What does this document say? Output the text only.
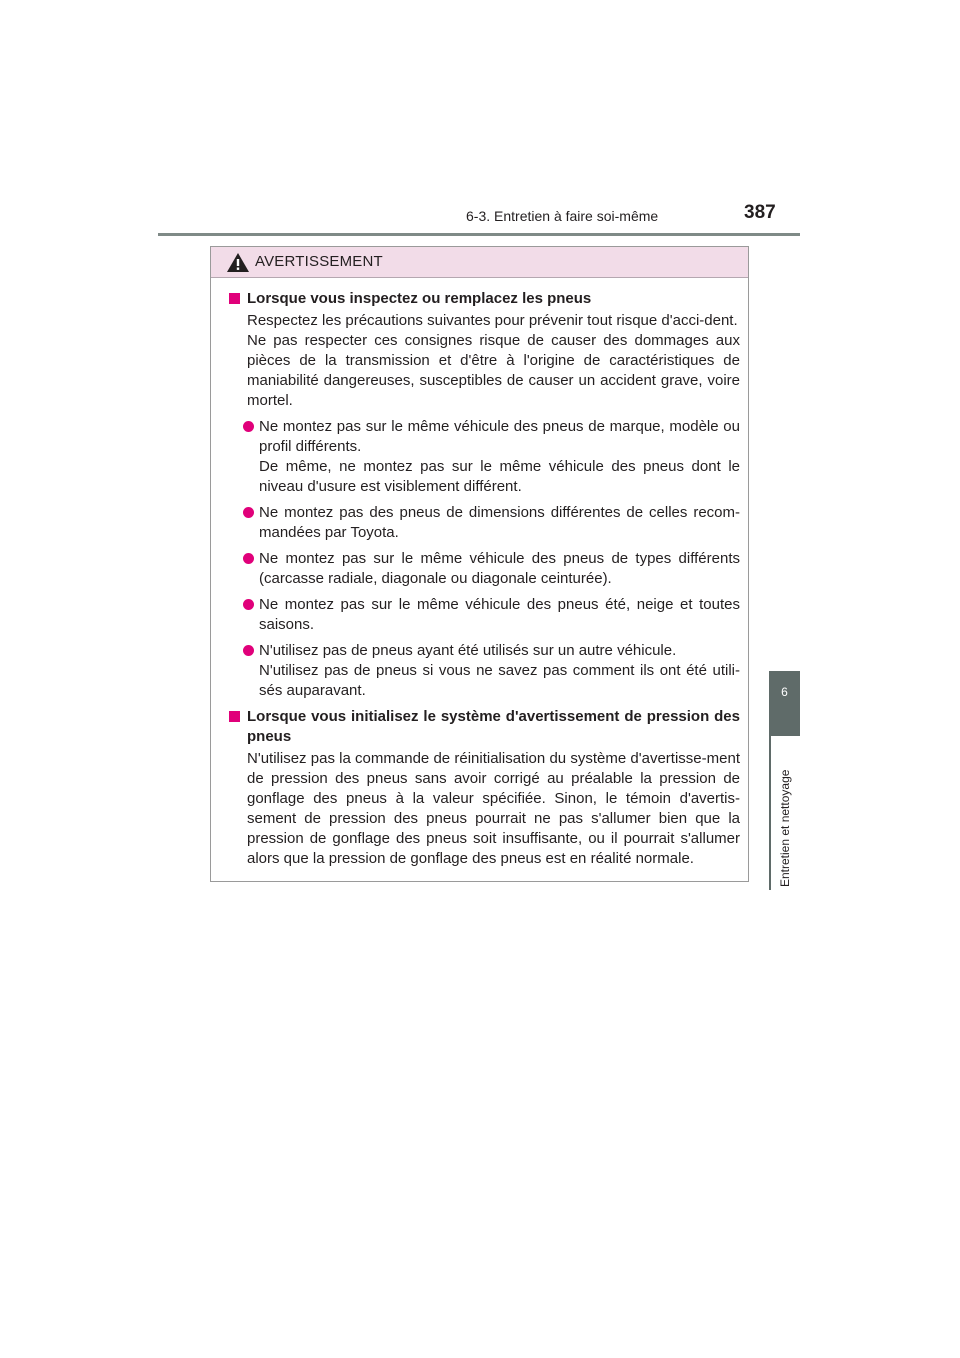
6-3. Entretien à faire soi-même	387
6
Entretien et nettoyage
AVERTISSEMENT
Lorsque vous inspectez ou remplacez les pneus

Respectez les précautions suivantes pour prévenir tout risque d'acci-dent.

Ne pas respecter ces consignes risque de causer des dommages aux pièces de la transmission et d'être à l'origine de caractéristiques de maniabilité dangereuses, susceptibles de causer un accident grave, voire mortel.

Ne montez pas sur le même véhicule des pneus de marque, modèle ou profil différents.

De même, ne montez pas sur le même véhicule des pneus dont le niveau d'usure est visiblement différent.

Ne montez pas des pneus de dimensions différentes de celles recom-mandées par Toyota.

Ne montez pas sur le même véhicule des pneus de types différents (carcasse radiale, diagonale ou diagonale ceinturée).

Ne montez pas sur le même véhicule des pneus été, neige et toutes saisons.

N'utilisez pas de pneus ayant été utilisés sur un autre véhicule.

N'utilisez pas de pneus si vous ne savez pas comment ils ont été utili-sés auparavant.

Lorsque vous initialisez le système d'avertissement de pression des pneus

N'utilisez pas la commande de réinitialisation du système d'avertisse-ment de pression des pneus sans avoir corrigé au préalable la pression de gonflage des pneus à la valeur spécifiée. Sinon, le témoin d'avertis-sement de pression des pneus pourrait ne pas s'allumer bien que la pression de gonflage des pneus soit insuffisante, ou il pourrait s'allumer alors que la pression de gonflage des pneus est en réalité normale.
